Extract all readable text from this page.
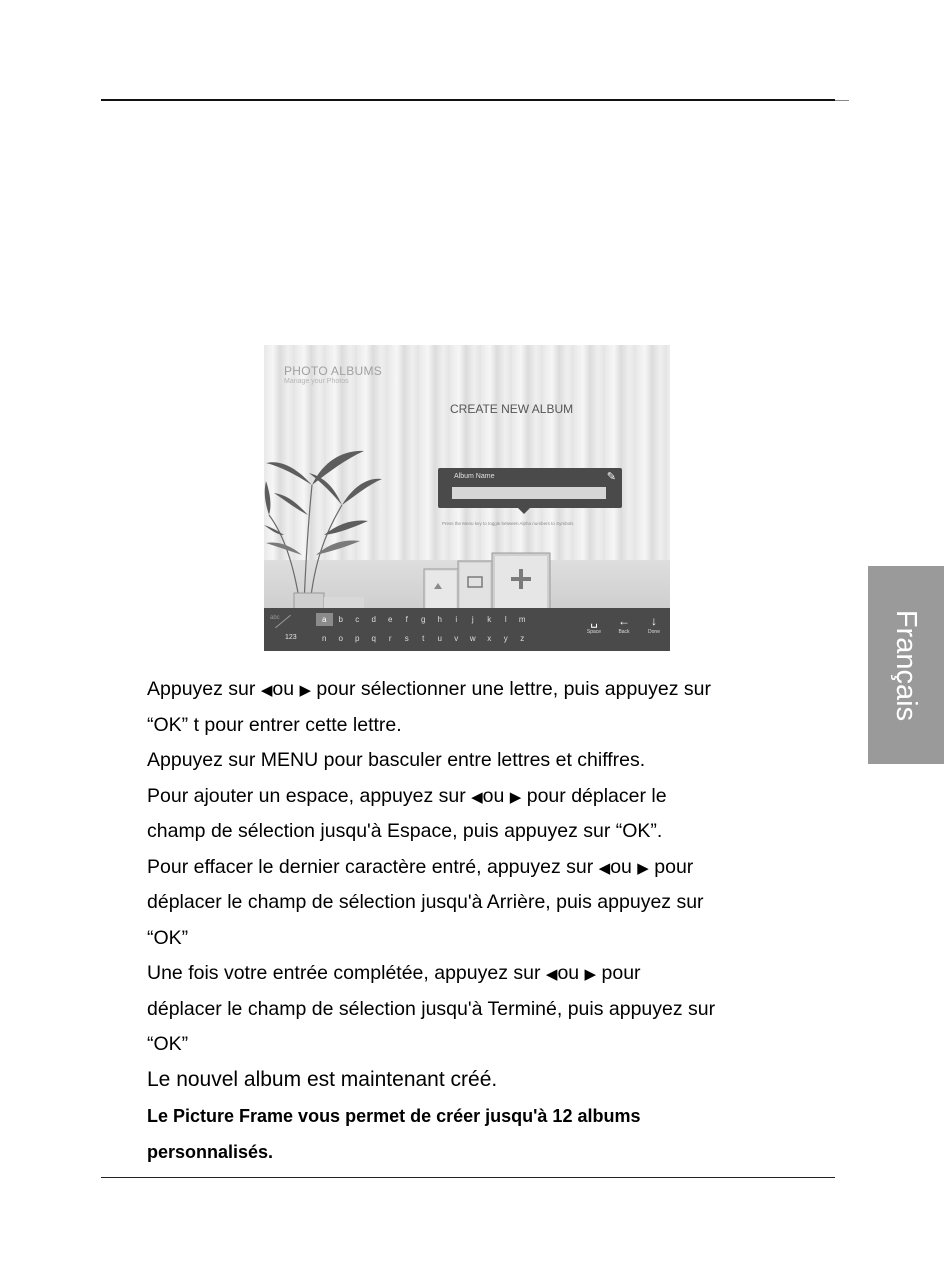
Français
PHOTO ALBUMS
Manage your Photos
CREATE NEW ALBUM
Album Name	✎
Press the Menu key to toggle between Alpha numbers to Symbols
abc
123
a	b	c	d	e	f	g	h	i	j	k	l	m
n	o	p	q	r	s	t	u	v	w	x	y	z
␣
Space
←
Back
↓
Done
Appuyez sur ◀ou ▶ pour sélectionner une lettre, puis appuyez sur
“OK” t pour entrer cette lettre.
Appuyez sur MENU pour basculer entre lettres et chiffres.
Pour ajouter un espace, appuyez sur ◀ou ▶ pour déplacer le
champ de sélection jusqu'à Espace, puis appuyez sur “OK”.
Pour effacer le dernier caractère entré, appuyez sur ◀ou ▶ pour
déplacer le champ de sélection jusqu'à Arrière, puis appuyez sur
“OK”
Une fois votre entrée complétée, appuyez sur ◀ou ▶ pour
déplacer le champ de sélection jusqu'à Terminé, puis appuyez sur
“OK”
Le nouvel album est maintenant créé.
Le Picture Frame vous permet de créer jusqu'à 12 albums
personnalisés.
